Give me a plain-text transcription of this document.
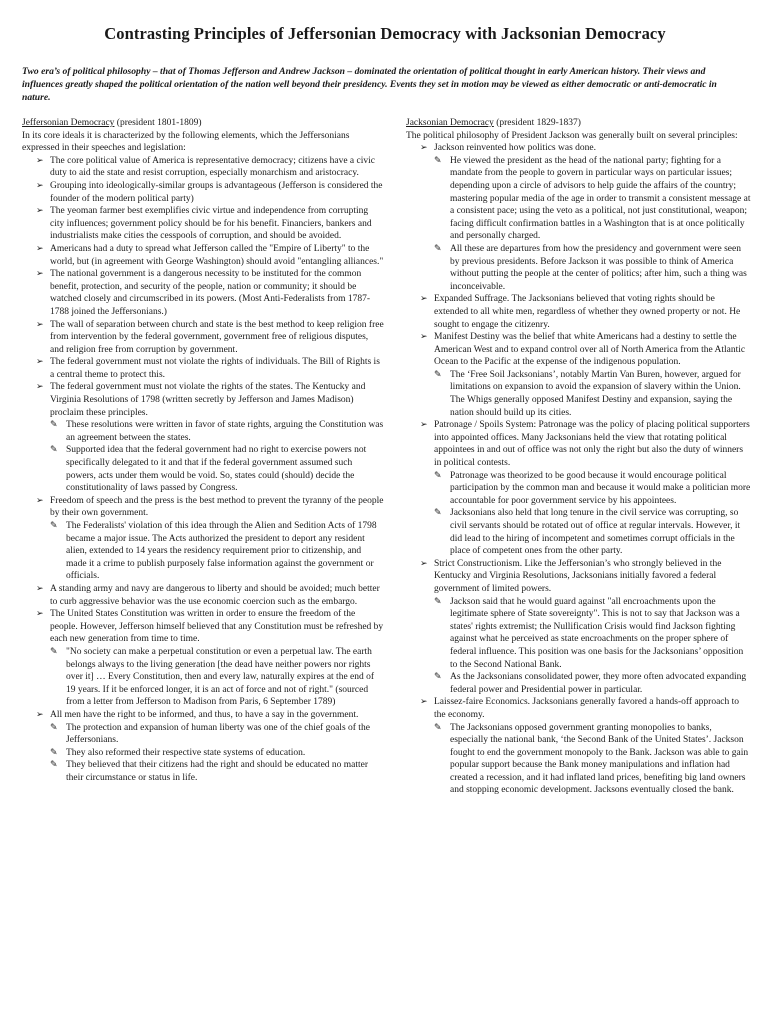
Contrasting Principles of Jeffersonian Democracy with Jacksonian Democracy

Two era’s of political philosophy – that of Thomas Jefferson and Andrew Jackson – dominated the orientation of political thought in early American history. Their views and influences greatly shaped the political orientation of the nation well beyond their presidency. Events they set in motion may be viewed as either democratic or anti-democratic in nature.

Jeffersonian Democracy (president 1801-1809)

In its core ideals it is characterized by the following elements, which the Jeffersonians expressed in their speeches and legislation:

➢ The core political value of America is representative democracy; citizens have a civic duty to aid the state and resist corruption, especially monarchism and aristocracy.
➢ Grouping into ideologically-similar groups is advantageous (Jefferson is considered the founder of the modern political party)
➢ The yeoman farmer best exemplifies civic virtue and independence from corrupting city influences; government policy should be for his benefit. Financiers, bankers and industrialists make cities the cesspools of corruption, and should be avoided.
➢ Americans had a duty to spread what Jefferson called the "Empire of Liberty" to the world, but (in agreement with George Washington) should avoid "entangling alliances."
➢ The national government is a dangerous necessity to be instituted for the common benefit, protection, and security of the people, nation or community; it should be watched closely and circumscribed in its powers. (Most Anti-Federalists from 1787-1788 joined the Jeffersonians.)
➢ The wall of separation between church and state is the best method to keep religion free from intervention by the federal government, government free of religious disputes, and religion free from corruption by government.
➢ The federal government must not violate the rights of individuals. The Bill of Rights is a central theme to protect this.
➢ The federal government must not violate the rights of the states. The Kentucky and Virginia Resolutions of 1798 (written secretly by Jefferson and James Madison) proclaim these principles.
✎ These resolutions were written in favor of state rights, arguing the Constitution was an agreement between the states.
✎ Supported idea that the federal government had no right to exercise powers not specifically delegated to it and that if the federal government assumed such powers, acts under them would be void. So, states could (should) decide the constitutionality of laws passed by Congress.
➢ Freedom of speech and the press is the best method to prevent the tyranny of the people by their own government.
✎ The Federalists' violation of this idea through the Alien and Sedition Acts of 1798 became a major issue. The Acts authorized the president to deport any resident alien, extended to 14 years the residency requirement prior to citizenship, and made it a crime to publish purposely false information against the government or officials.
➢ A standing army and navy are dangerous to liberty and should be avoided; much better to curb aggressive behavior was the use economic coercion such as the embargo.
➢ The United States Constitution was written in order to ensure the freedom of the people. However, Jefferson himself believed that any Constitution must be refreshed by each new generation from time to time.
✎ "No society can make a perpetual constitution or even a perpetual law. The earth belongs always to the living generation [the dead have neither powers nor rights over it] … Every Constitution, then and every law, naturally expires at the end of 19 years. If it be enforced longer, it is an act of force and not of right." (sourced from a letter from Jefferson to Madison from Paris, 6 September 1789)
➢ All men have the right to be informed, and thus, to have a say in the government.
✎ The protection and expansion of human liberty was one of the chief goals of the Jeffersonians.
✎ They also reformed their respective state systems of education.
✎ They believed that their citizens had the right and should be educated no matter their circumstance or status in life.

Jacksonian Democracy (president 1829-1837)

The political philosophy of President Jackson was generally built on several principles:

➢ Jackson reinvented how politics was done.
✎ He viewed the president as the head of the national party; fighting for a mandate from the people to govern in particular ways on particular issues; depending upon a circle of advisors to help guide the affairs of the country; mastering popular media of the age in order to transmit a consistent message at a consistent pace; using the veto as a political, not just constitutional, weapon; facing difficult confirmation battles in a Washington that is at once politically and personally charged.
✎ All these are departures from how the presidency and government were seen by previous presidents. Before Jackson it was possible to think of America without putting the people at the center of politics; after him, such a thing was inconceivable.
➢ Expanded Suffrage. The Jacksonians believed that voting rights should be extended to all white men, regardless of whether they owned property or not. He sought to engage the citizenry.
➢ Manifest Destiny was the belief that white Americans had a destiny to settle the American West and to expand control over all of North America from the Atlantic Ocean to the Pacific at the expense of the indigenous population.
✎ The ‘Free Soil Jacksonians’, notably Martin Van Buren, however, argued for limitations on expansion to avoid the expansion of slavery within the Union. The Whigs generally opposed Manifest Destiny and expansion, saying the nation should build up its cities.
➢ Patronage / Spoils System: Patronage was the policy of placing political supporters into appointed offices. Many Jacksonians held the view that rotating political appointees in and out of office was not only the right but also the duty of winners in political contests.
✎ Patronage was theorized to be good because it would encourage political participation by the common man and because it would make a politician more accountable for poor government service by his appointees.
✎ Jacksonians also held that long tenure in the civil service was corrupting, so civil servants should be rotated out of office at regular intervals. However, it did lead to the hiring of incompetent and sometimes corrupt officials in the place of competent ones from the other party.
➢ Strict Constructionism. Like the Jeffersonian’s who strongly believed in the Kentucky and Virginia Resolutions, Jacksonians initially favored a federal government of limited powers.
✎ Jackson said that he would guard against "all encroachments upon the legitimate sphere of State sovereignty". This is not to say that Jackson was a states' rights extremist; the Nullification Crisis would find Jackson fighting against what he perceived as state encroachments on the proper sphere of federal influence. This position was one basis for the Jacksonians’ opposition to the Second National Bank.
✎ As the Jacksonians consolidated power, they more often advocated expanding federal power and Presidential power in particular.
➢ Laissez-faire Economics. Jacksonians generally favored a hands-off approach to the economy.
✎ The Jacksonians opposed government granting monopolies to banks, especially the national bank, ‘the Second Bank of the United States’. Jackson fought to end the government monopoly to the Bank. Jackson was able to gain popular support because the Bank money manipulations and inflation had created a recession, and it had inflated land prices, benefiting big land owners and stopping economic development. Jacksons eventually closed the bank.
